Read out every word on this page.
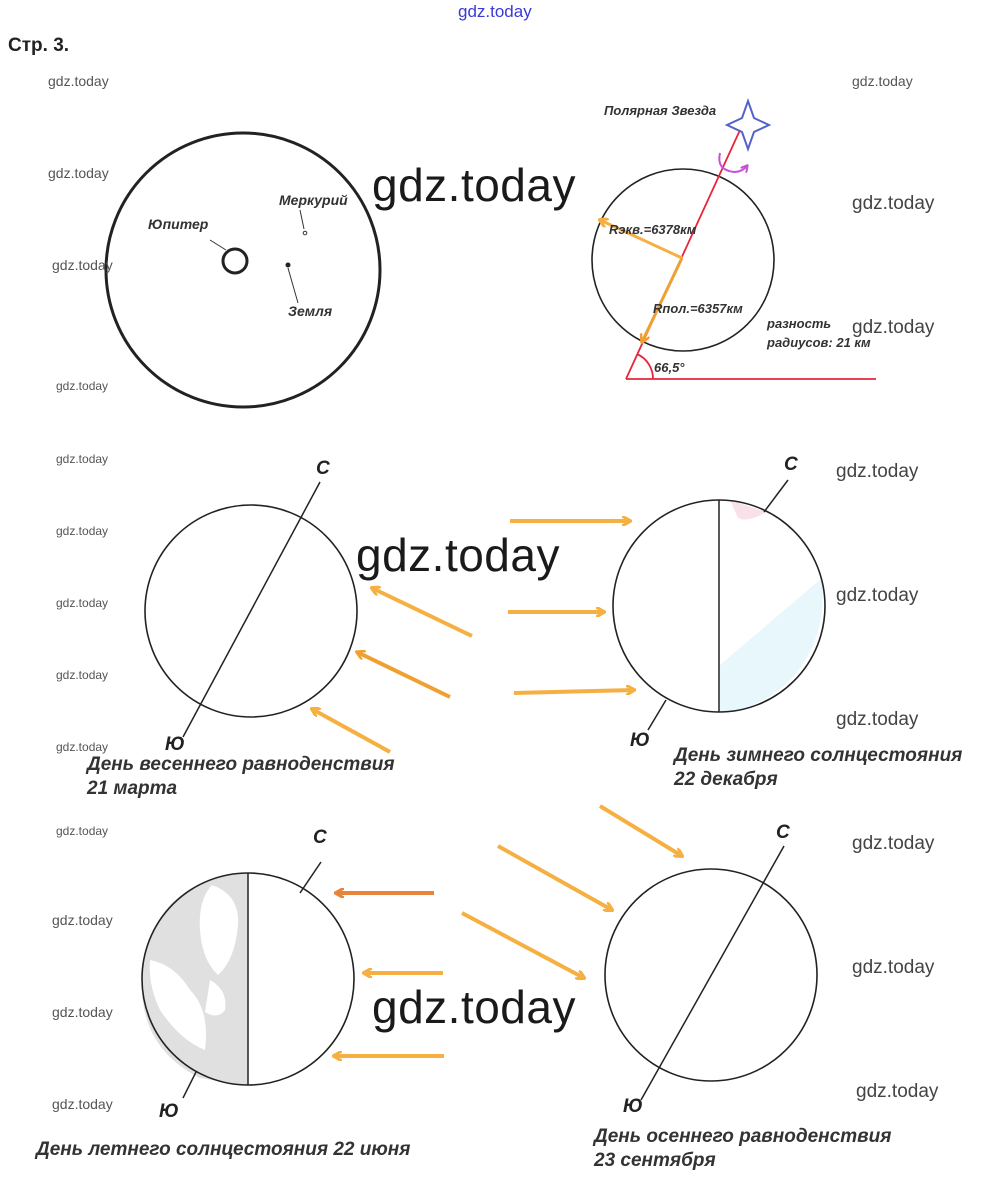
gdz.today
Стр. 3.
gdz.today
gdz.today
gdz.today
gdz.today
gdz.today
gdz.today
gdz.today
gdz.today
gdz.today
gdz.today
gdz.today
gdz.today
gdz.today
gdz.today
gdz.today
gdz.today
gdz.today
gdz.today
gdz.today
gdz.today
gdz.today
gdz.today
gdz.today
gdz.today
gdz.today
Юпитер
Меркурий
Земля
Полярная Звезда
Rэкв.=6378км
Rпол.=6357км
разность
радиусов: 21 км
66,5°
С
Ю
С
Ю
С
Ю
С
Ю
День весеннего равноденствия
21 марта
День зимнего солнцестояния
22 декабря
День летнего солнцестояния 22 июня
День осеннего равноденствия
23 сентября
